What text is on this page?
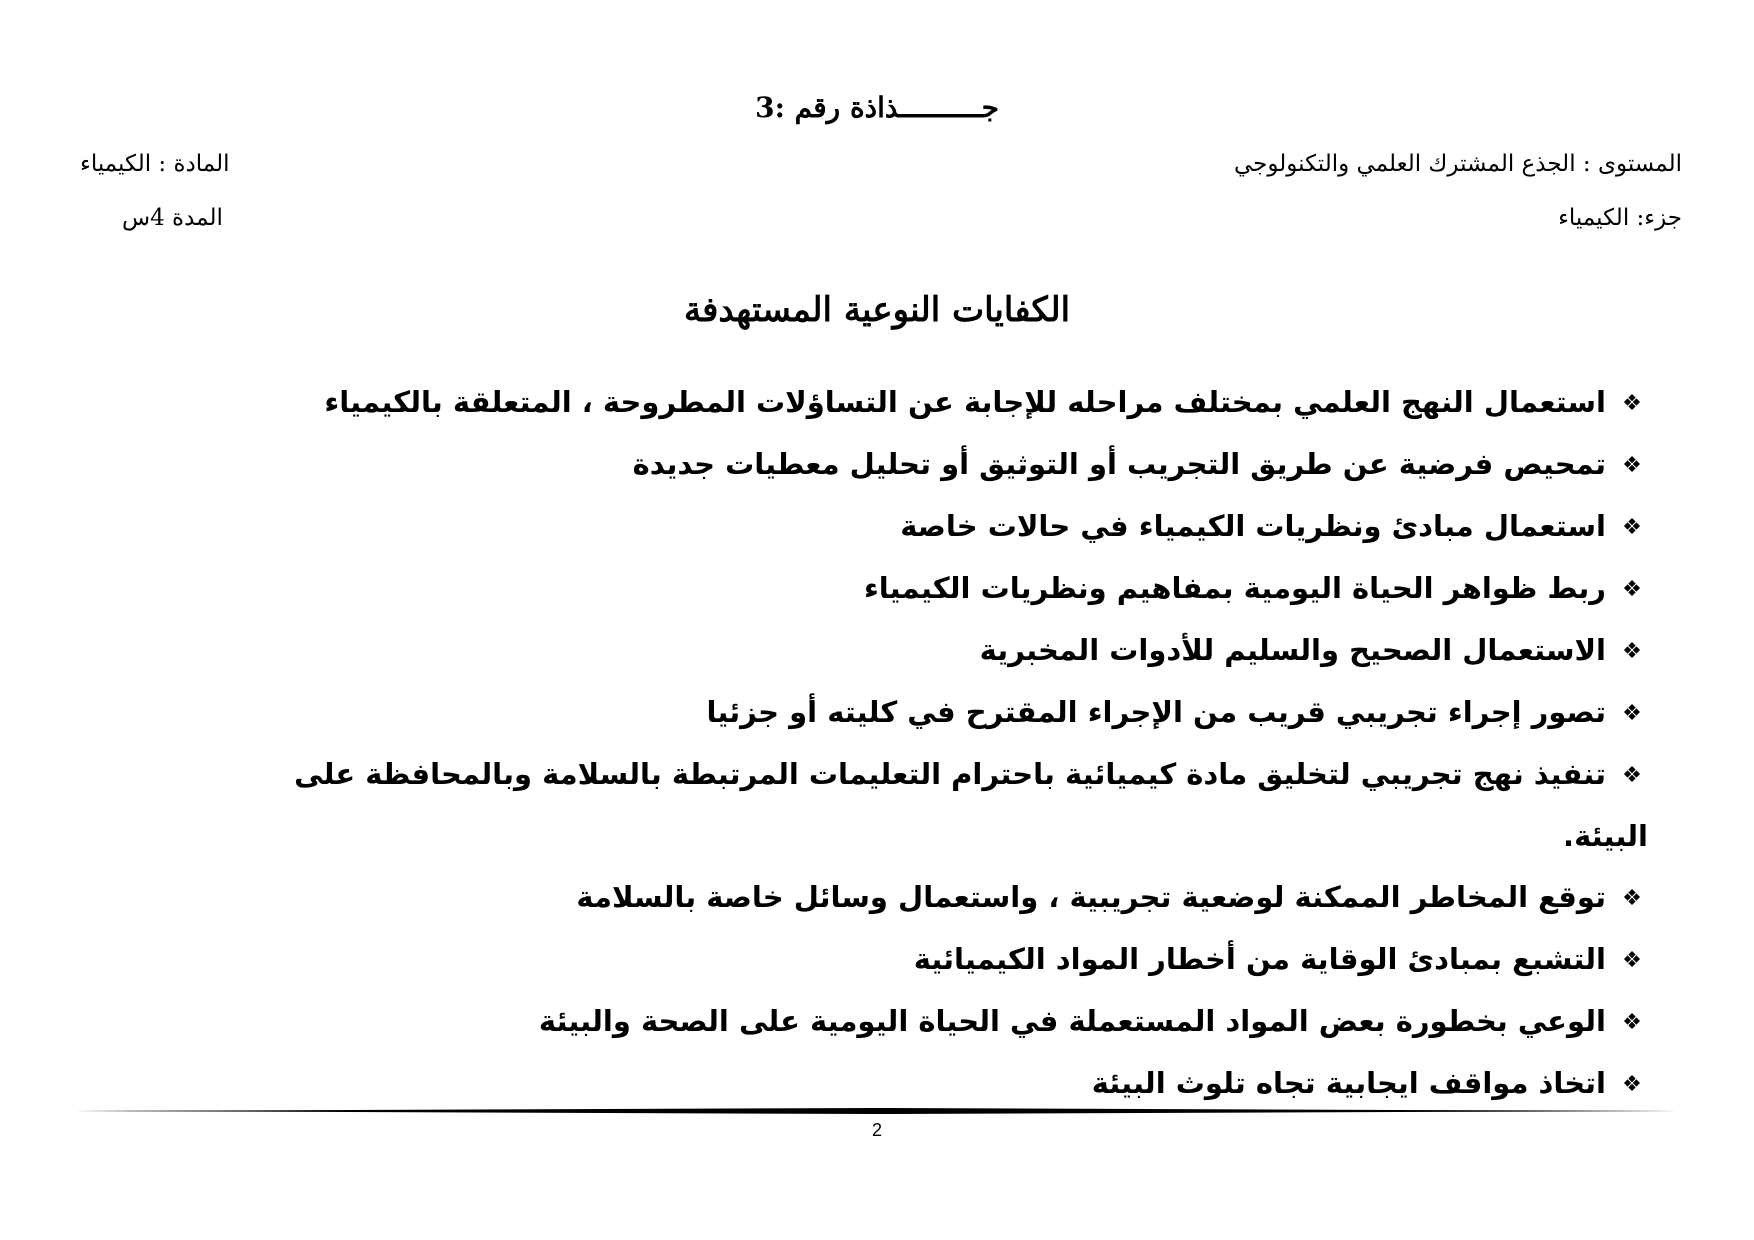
جــــــــــذاذة رقم :3
المستوى : الجذع المشترك العلمي والتكنولوجي
المادة : الكيمياء
جزء: الكيمياء
المدة 4س
الكفايات النوعية المستهدفة
❖استعمال النهج العلمي بمختلف مراحله للإجابة عن التساؤلات المطروحة ، المتعلقة بالكيمياء
❖تمحيص فرضية عن طريق التجريب أو التوثيق أو تحليل معطيات جديدة
❖استعمال مبادئ ونظريات الكيمياء في حالات خاصة
❖ربط ظواهر الحياة اليومية بمفاهيم ونظريات الكيمياء
❖الاستعمال الصحيح والسليم للأدوات المخبرية
❖تصور إجراء تجريبي قريب من الإجراء المقترح في كليته أو جزئيا
❖تنفيذ نهج تجريبي لتخليق مادة كيميائية باحترام التعليمات المرتبطة بالسلامة وبالمحافظة على
البيئة.
❖توقع المخاطر الممكنة لوضعية تجريبية ، واستعمال وسائل خاصة بالسلامة
❖التشبع بمبادئ الوقاية من أخطار المواد الكيميائية
❖الوعي بخطورة بعض المواد المستعملة في الحياة اليومية على الصحة والبيئة
❖اتخاذ مواقف ايجابية تجاه تلوث البيئة
2
